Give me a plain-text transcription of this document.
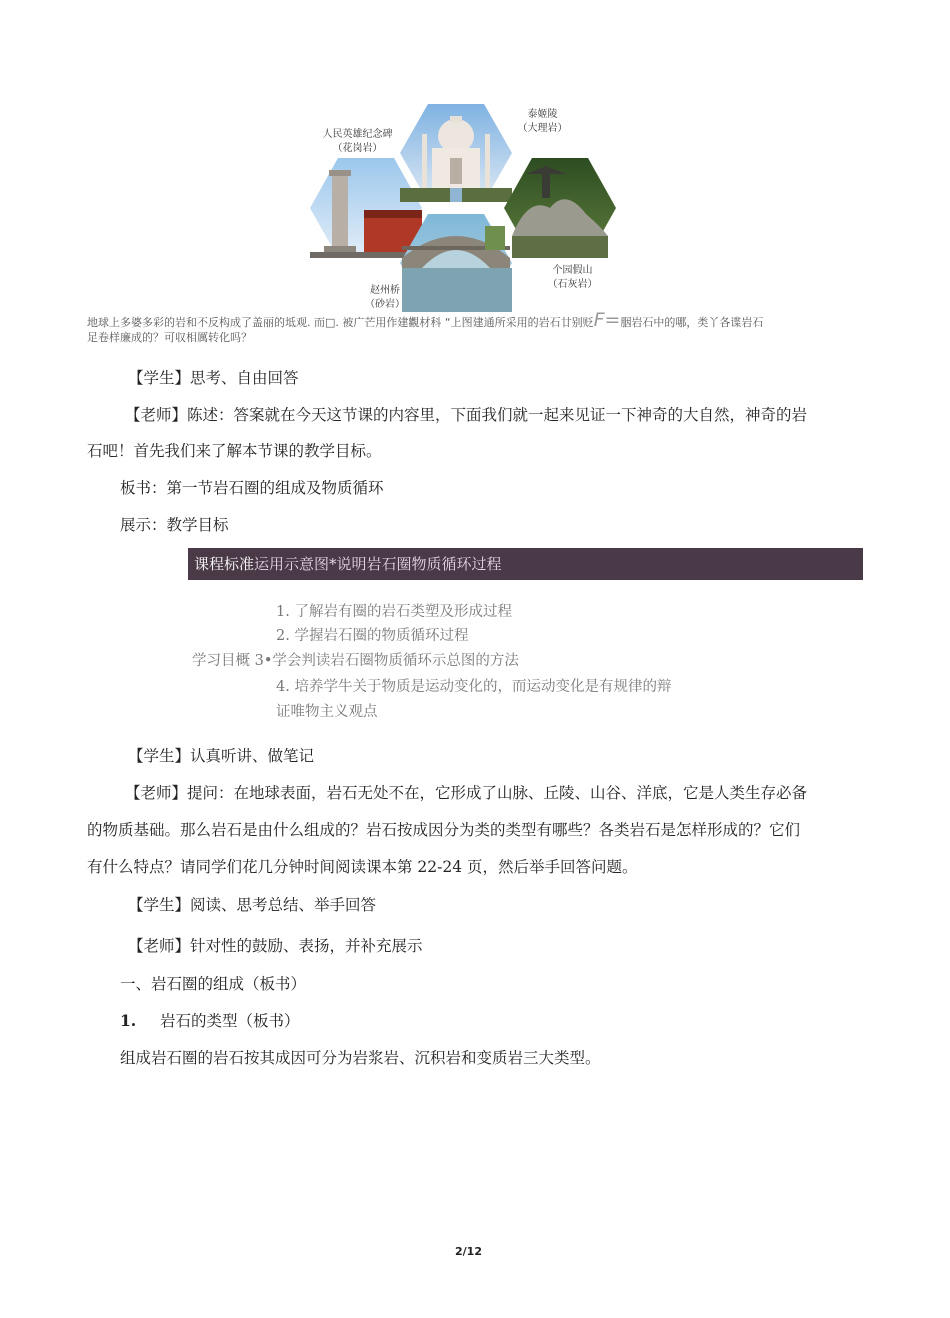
人民英雄纪念碑
（花岗岩）
泰姬陵
（大理岩）
个园假山
（石灰岩）
赵州桥
（砂岩）
地球上多婆多彩的岩和不反构成了盖丽的坻观. 而□. 被广芒用作建觀材科 “上图建通所采用的岩石廿别贬F=胭岩石中的哪，类丫各谍岩石
足卷样廉成的？可収相厲转化吗？
【学生】思考、自由回答
【老师】陈述：答案就在今天这节课的内容里，下面我们就一起来见证一下神奇的大自然，神奇的岩
石吧！首先我们来了解本节课的教学目标。
板书：第一节岩石圈的组成及物质循环
展示：教学目标
课程标准运用示意图*说明岩石圈物质循环过程
1. 了解岩有圈的岩石类塑及形成过程
2. 学握岩石圈的物质循环过程
学习目概 3•学会判读岩石圈物质循环示总图的方法
4. 培养学牛关于物质是运动变化的，而运动变化是有规律的辩
证唯物主义观点
【学生】认真听讲、做笔记
【老师】提问：在地球表面，岩石无处不在，它形成了山脉、丘陵、山谷、洋底，它是人类生存必备
的物质基础。那么岩石是由什么组成的？岩石按成因分为类的类型有哪些？各类岩石是怎样形成的？它们
有什么特点？请同学们花几分钟时间阅读课本第 22-24 页，然后举手回答问题。
【学生】阅读、思考总结、举手回答
【老师】针对性的鼓励、表扬，并补充展示
一、岩石圈的组成（板书）
1. 岩石的类型（板书）
组成岩石圈的岩石按其成因可分为岩浆岩、沉积岩和变质岩三大类型。
2/12
